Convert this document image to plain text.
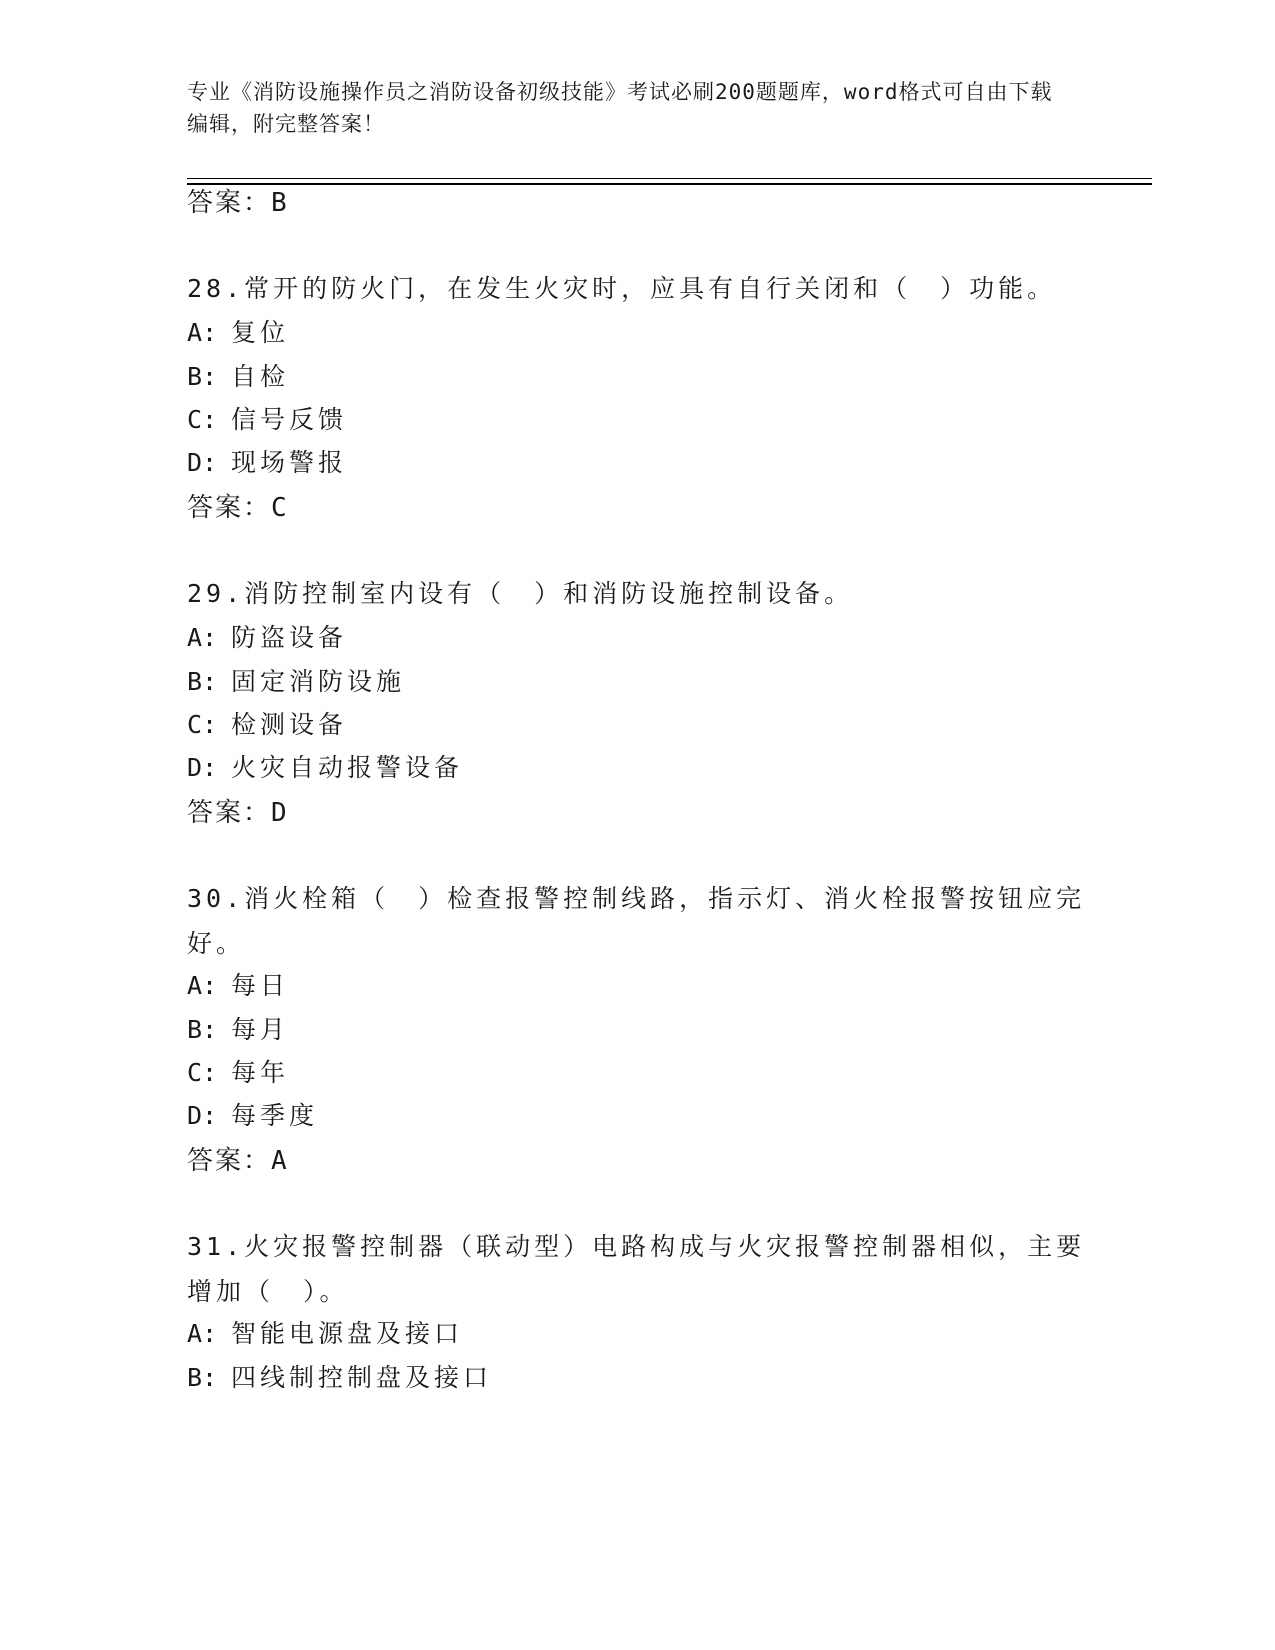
专业《消防设施操作员之消防设备初级技能》考试必刷200题题库，word格式可自由下载编辑，附完整答案！
答案：B
28.常开的防火门，在发生火灾时，应具有自行关闭和（　）功能。
A: 复位
B: 自检
C: 信号反馈
D: 现场警报
答案：C
29.消防控制室内设有（　）和消防设施控制设备。
A: 防盗设备
B: 固定消防设施
C: 检测设备
D: 火灾自动报警设备
答案：D
30.消火栓箱（　）检查报警控制线路，指示灯、消火栓报警按钮应完好。
A: 每日
B: 每月
C: 每年
D: 每季度
答案：A
31.火灾报警控制器（联动型）电路构成与火灾报警控制器相似，主要增加（　）。
A: 智能电源盘及接口
B: 四线制控制盘及接口
